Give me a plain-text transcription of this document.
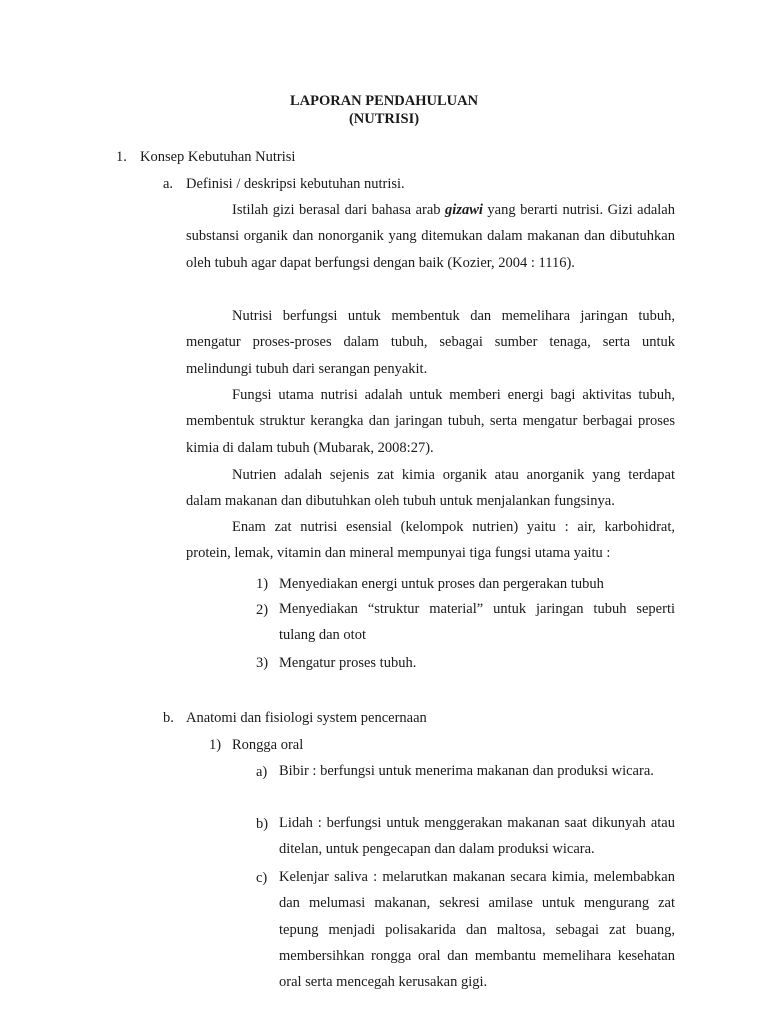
LAPORAN PENDAHULUAN
(NUTRISI)
1. Konsep Kebutuhan Nutrisi

a. Definisi / deskripsi kebutuhan nutrisi.

Istilah gizi berasal dari bahasa arab gizawi yang berarti nutrisi. Gizi adalah substansi organik dan nonorganik yang ditemukan dalam makanan dan dibutuhkan oleh tubuh agar dapat berfungsi dengan baik (Kozier, 2004 : 1116).
Nutrisi berfungsi untuk membentuk dan memelihara jaringan tubuh, mengatur proses-proses dalam tubuh, sebagai sumber tenaga, serta untuk melindungi tubuh dari serangan penyakit.
Fungsi utama nutrisi adalah untuk memberi energi bagi aktivitas tubuh, membentuk struktur kerangka dan jaringan tubuh, serta mengatur berbagai proses kimia di dalam tubuh (Mubarak, 2008:27).
Nutrien adalah sejenis zat kimia organik atau anorganik yang terdapat dalam makanan dan dibutuhkan oleh tubuh untuk menjalankan fungsinya.
Enam zat nutrisi esensial (kelompok nutrien) yaitu : air, karbohidrat, protein, lemak, vitamin dan mineral mempunyai tiga fungsi utama yaitu :
1) Menyediakan energi untuk proses dan pergerakan tubuh

2) Menyediakan “struktur material” untuk jaringan tubuh seperti tulang dan otot
3) Mengatur proses tubuh.

b. Anatomi dan fisiologi system pencernaan

1) Rongga oral

a) Bibir : berfungsi untuk menerima makanan dan produksi wicara.
b) Lidah : berfungsi untuk menggerakan makanan saat dikunyah atau ditelan, untuk pengecapan dan dalam produksi wicara.
c) Kelenjar saliva : melarutkan makanan secara kimia, melembabkan dan melumasi makanan, sekresi amilase untuk mengurang zat tepung menjadi polisakarida dan maltosa, sebagai zat buang, membersihkan rongga oral dan membantu memelihara kesehatan oral serta mencegah kerusakan gigi.
